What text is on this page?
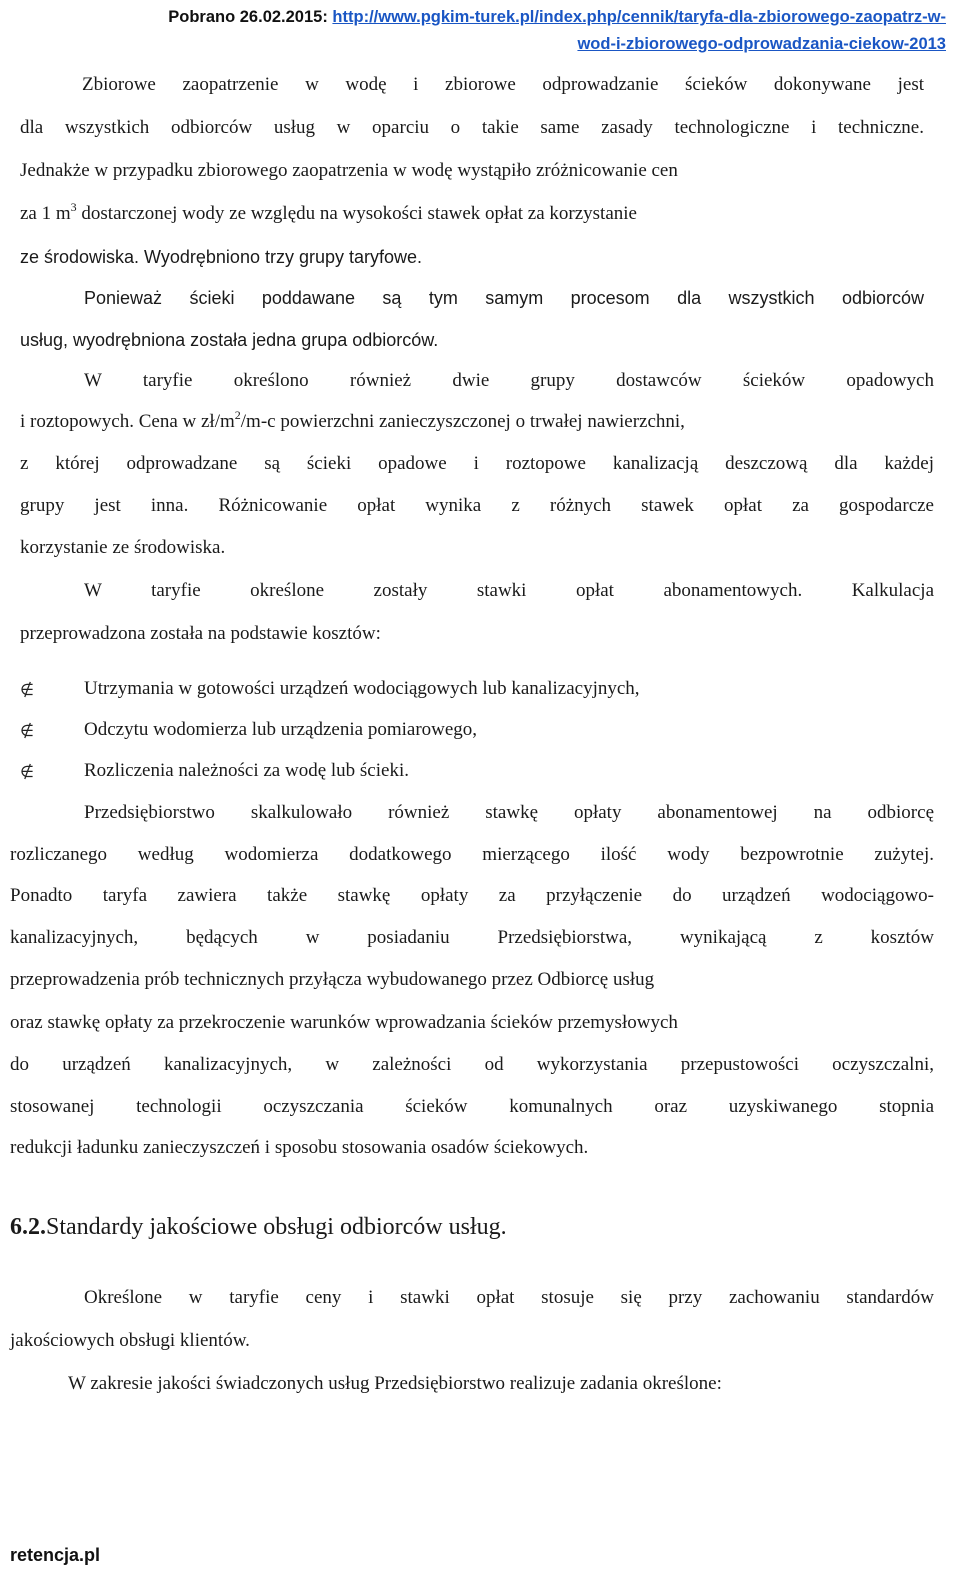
Pobrano 26.02.2015: http://www.pgkim-turek.pl/index.php/cennik/taryfa-dla-zbiorowego-zaopatrz-w-
wod-i-zbiorowego-odprowadzania-ciekow-2013
Zbiorowe zaopatrzenie w wodę i zbiorowe odprowadzanie ścieków dokonywane jest
dla wszystkich odbiorców usług w oparciu o takie same zasady technologiczne i techniczne.
Jednakże w przypadku zbiorowego zaopatrzenia w wodę wystąpiło zróżnicowanie cen
za 1 $m^3$ dostarczonej wody ze względu na wysokości stawek opłat za korzystanie
ze środowiska. Wyodrębniono trzy grupy taryfowe.
Ponieważ ścieki poddawane są tym samym procesom dla wszystkich odbiorców
usług, wyodrębniona została jedna grupa odbiorców.
W taryfie określono również dwie grupy dostawców ścieków opadowych
i roztopowych. Cena w $zł/m^2/m-c$ powierzchni zanieczyszczonej o trwałej nawierzchni,
z której odprowadzane są ścieki opadowe i roztopowe kanalizacją deszczową dla każdej
grupy jest inna. Różnicowanie opłat wynika z różnych stawek opłat za gospodarcze
korzystanie ze środowiska.
W taryfie określone zostały stawki opłat abonamentowych. Kalkulacja
przeprowadzona została na podstawie kosztów:
∉	Utrzymania w gotowości urządzeń wodociągowych lub kanalizacyjnych,
∉	Odczytu wodomierza lub urządzenia pomiarowego,
∉	Rozliczenia należności za wodę lub ścieki.
Przedsiębiorstwo skalkulowało również stawkę opłaty abonamentowej na odbiorcę
rozliczanego według wodomierza dodatkowego mierzącego ilość wody bezpowrotnie zużytej.
Ponadto taryfa zawiera także stawkę opłaty za przyłączenie do urządzeń wodociągowo-
kanalizacyjnych, będących w posiadaniu Przedsiębiorstwa, wynikającą z kosztów
przeprowadzenia prób technicznych przyłącza wybudowanego przez Odbiorcę usług
oraz stawkę opłaty za przekroczenie warunków wprowadzania ścieków przemysłowych
do urządzeń kanalizacyjnych, w zależności od wykorzystania przepustowości oczyszczalni,
stosowanej technologii oczyszczania ścieków komunalnych oraz uzyskiwanego stopnia
redukcji ładunku zanieczyszczeń i sposobu stosowania osadów ściekowych.
6.2.Standardy jakościowe obsługi odbiorców usług.
Określone w taryfie ceny i stawki opłat stosuje się przy zachowaniu standardów
jakościowych obsługi klientów.
W zakresie jakości świadczonych usług Przedsiębiorstwo realizuje zadania określone:
retencja.pl
